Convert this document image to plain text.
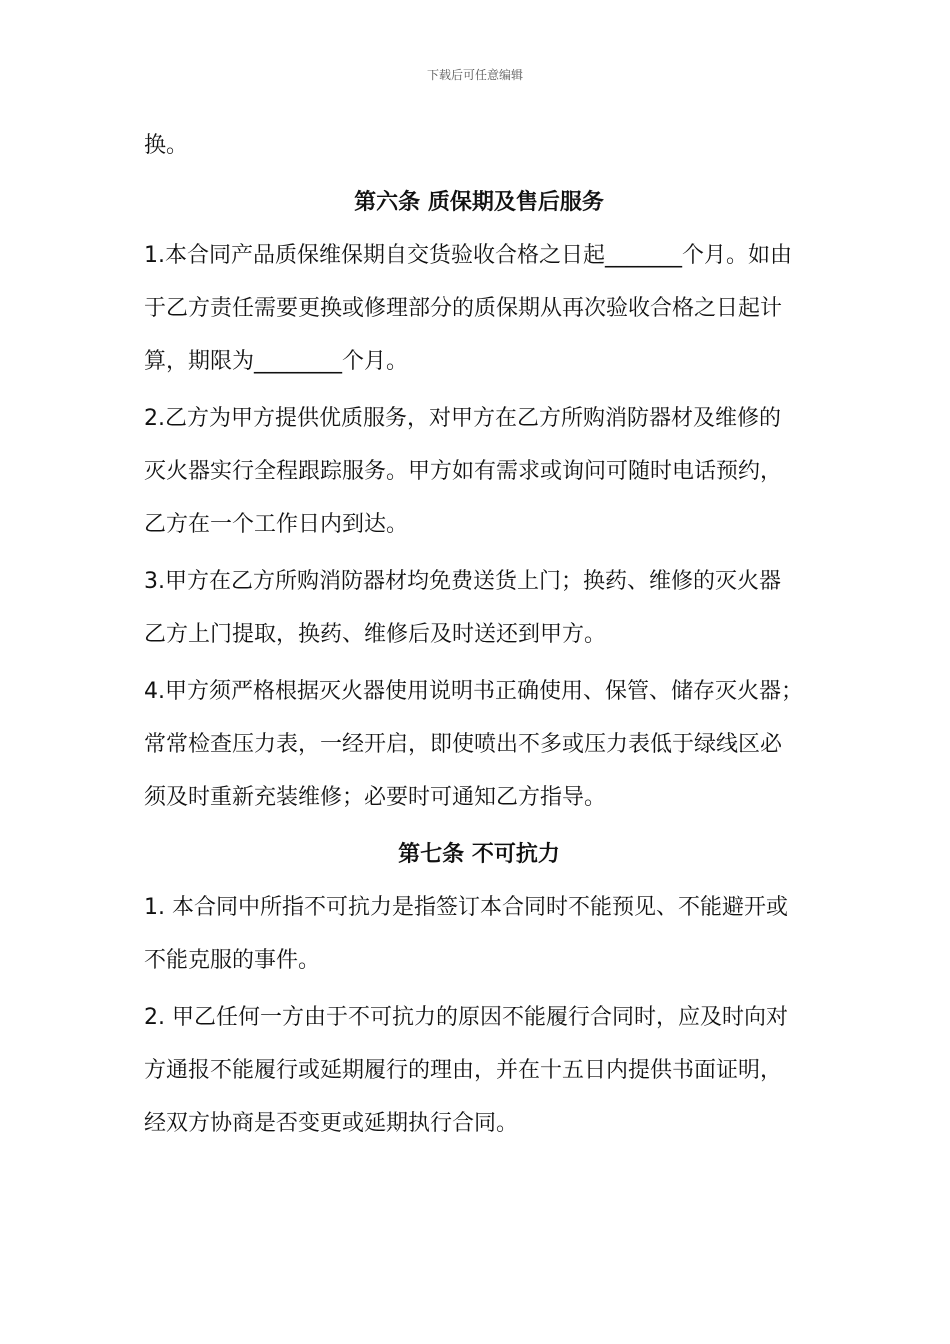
下载后可任意编辑
换。
第六条 质保期及售后服务
1.本合同产品质保维保期自交货验收合格之日起_______个月。如由
于乙方责任需要更换或修理部分的质保期从再次验收合格之日起计
算，期限为________个月。
2.乙方为甲方提供优质服务，对甲方在乙方所购消防器材及维修的
灭火器实行全程跟踪服务。甲方如有需求或询问可随时电话预约，
乙方在一个工作日内到达。
3.甲方在乙方所购消防器材均免费送货上门；换药、维修的灭火器
乙方上门提取，换药、维修后及时送还到甲方。
4.甲方须严格根据灭火器使用说明书正确使用、保管、储存灭火器；
常常检查压力表，一经开启，即使喷出不多或压力表低于绿线区必
须及时重新充装维修；必要时可通知乙方指导。
第七条 不可抗力
1. 本合同中所指不可抗力是指签订本合同时不能预见、不能避开或
不能克服的事件。
2. 甲乙任何一方由于不可抗力的原因不能履行合同时，应及时向对
方通报不能履行或延期履行的理由，并在十五日内提供书面证明，
经双方协商是否变更或延期执行合同。
